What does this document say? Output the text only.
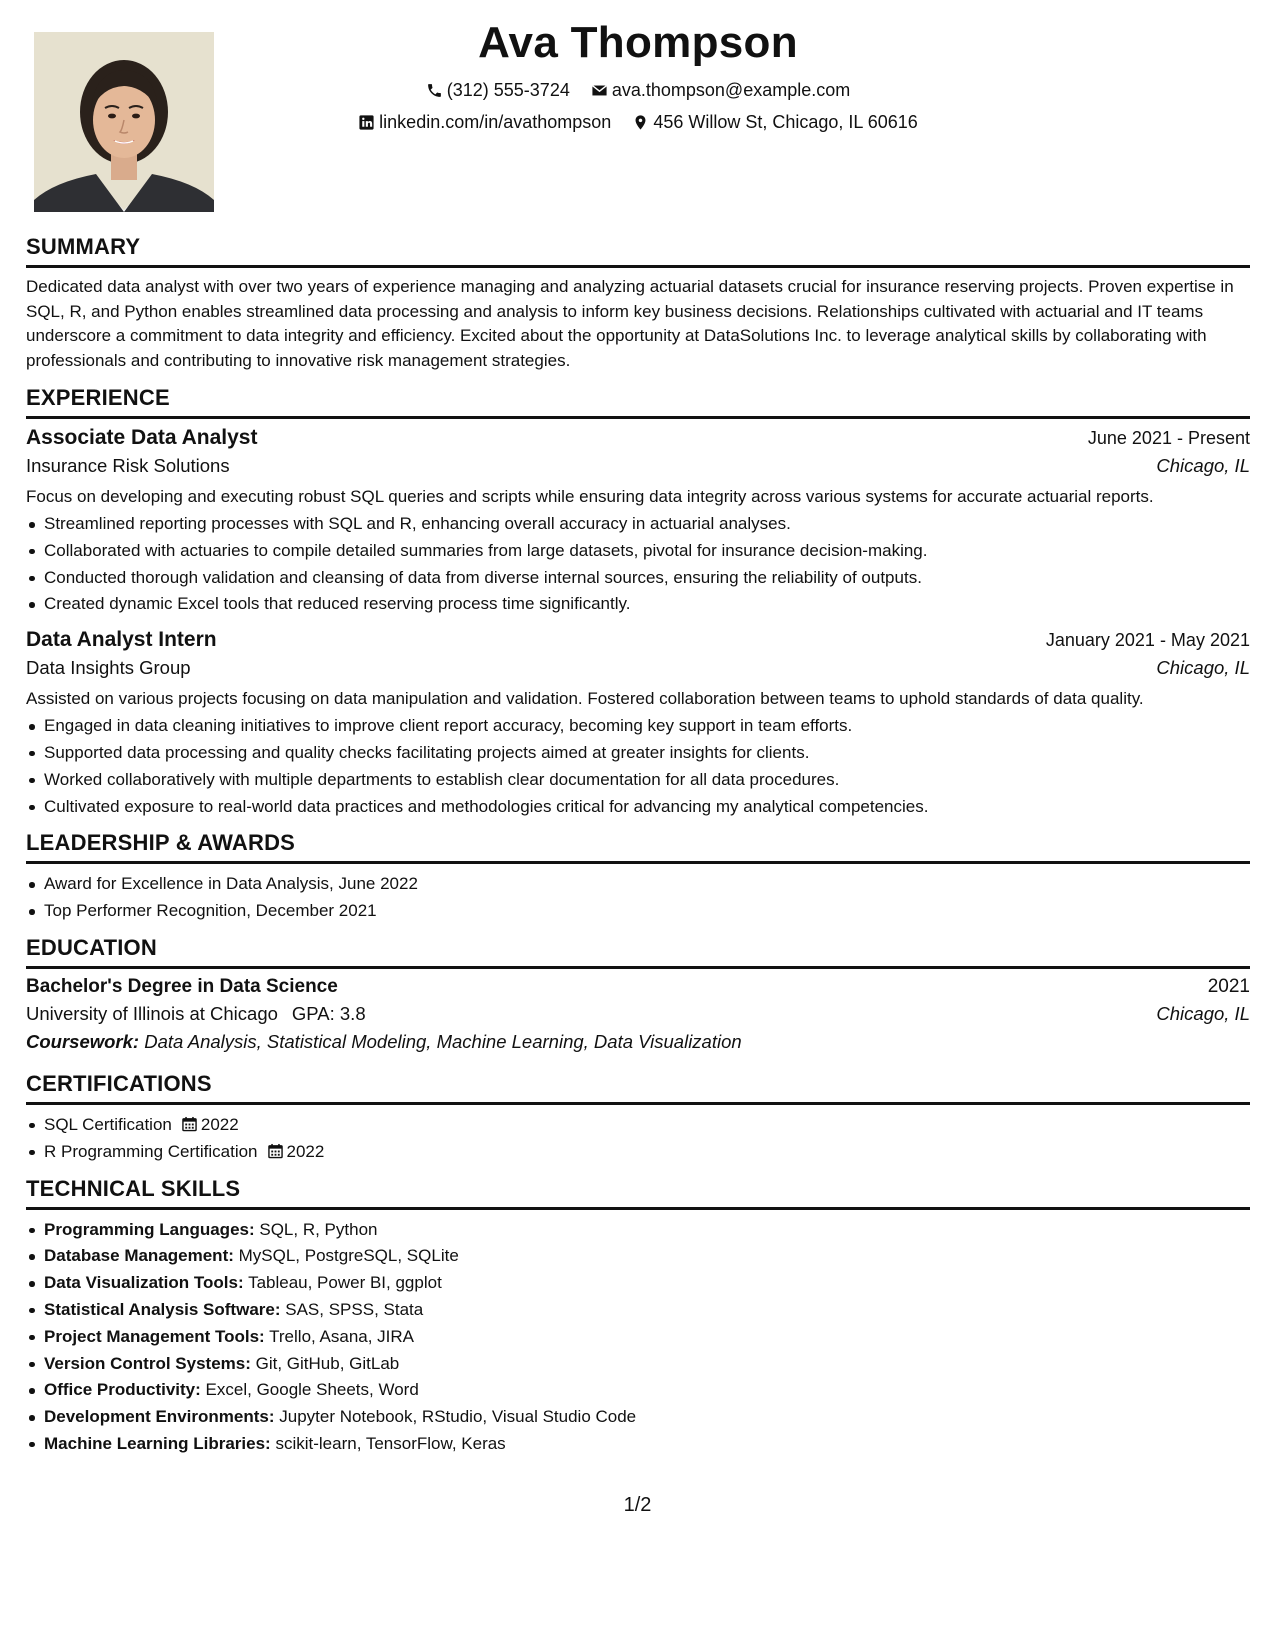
Ava Thompson
(312) 555-3724
ava.thompson@example.com
linkedin.com/in/avathompson
456 Willow St, Chicago, IL 60616
SUMMARY

Dedicated data analyst with over two years of experience managing and analyzing actuarial datasets crucial for insurance reserving projects. Proven expertise in SQL, R, and Python enables streamlined data processing and analysis to inform key business decisions. Relationships cultivated with actuarial and IT teams underscore a commitment to data integrity and efficiency. Excited about the opportunity at DataSolutions Inc. to leverage analytical skills by collaborating with professionals and contributing to innovative risk management strategies.

EXPERIENCE
Associate Data Analyst	June 2021 - Present
Insurance Risk Solutions	Chicago, IL
Focus on developing and executing robust SQL queries and scripts while ensuring data integrity across various systems for accurate actuarial reports.
Streamlined reporting processes with SQL and R, enhancing overall accuracy in actuarial analyses.
Collaborated with actuaries to compile detailed summaries from large datasets, pivotal for insurance decision-making.
Conducted thorough validation and cleansing of data from diverse internal sources, ensuring the reliability of outputs.
Created dynamic Excel tools that reduced reserving process time significantly.
Data Analyst Intern	January 2021 - May 2021
Data Insights Group	Chicago, IL
Assisted on various projects focusing on data manipulation and validation. Fostered collaboration between teams to uphold standards of data quality.
Engaged in data cleaning initiatives to improve client report accuracy, becoming key support in team efforts.
Supported data processing and quality checks facilitating projects aimed at greater insights for clients.
Worked collaboratively with multiple departments to establish clear documentation for all data procedures.
Cultivated exposure to real-world data practices and methodologies critical for advancing my analytical competencies.
LEADERSHIP & AWARDS
Award for Excellence in Data Analysis, June 2022
Top Performer Recognition, December 2021
EDUCATION
Bachelor's Degree in Data Science	2021
University of Illinois at Chicago GPA: 3.8	Chicago, IL
Coursework: Data Analysis, Statistical Modeling, Machine Learning, Data Visualization
CERTIFICATIONS
SQL Certification 2022
R Programming Certification 2022
TECHNICAL SKILLS
Programming Languages: SQL, R, Python
Database Management: MySQL, PostgreSQL, SQLite
Data Visualization Tools: Tableau, Power BI, ggplot
Statistical Analysis Software: SAS, SPSS, Stata
Project Management Tools: Trello, Asana, JIRA
Version Control Systems: Git, GitHub, GitLab
Office Productivity: Excel, Google Sheets, Word
Development Environments: Jupyter Notebook, RStudio, Visual Studio Code
Machine Learning Libraries: scikit-learn, TensorFlow, Keras
1/2
